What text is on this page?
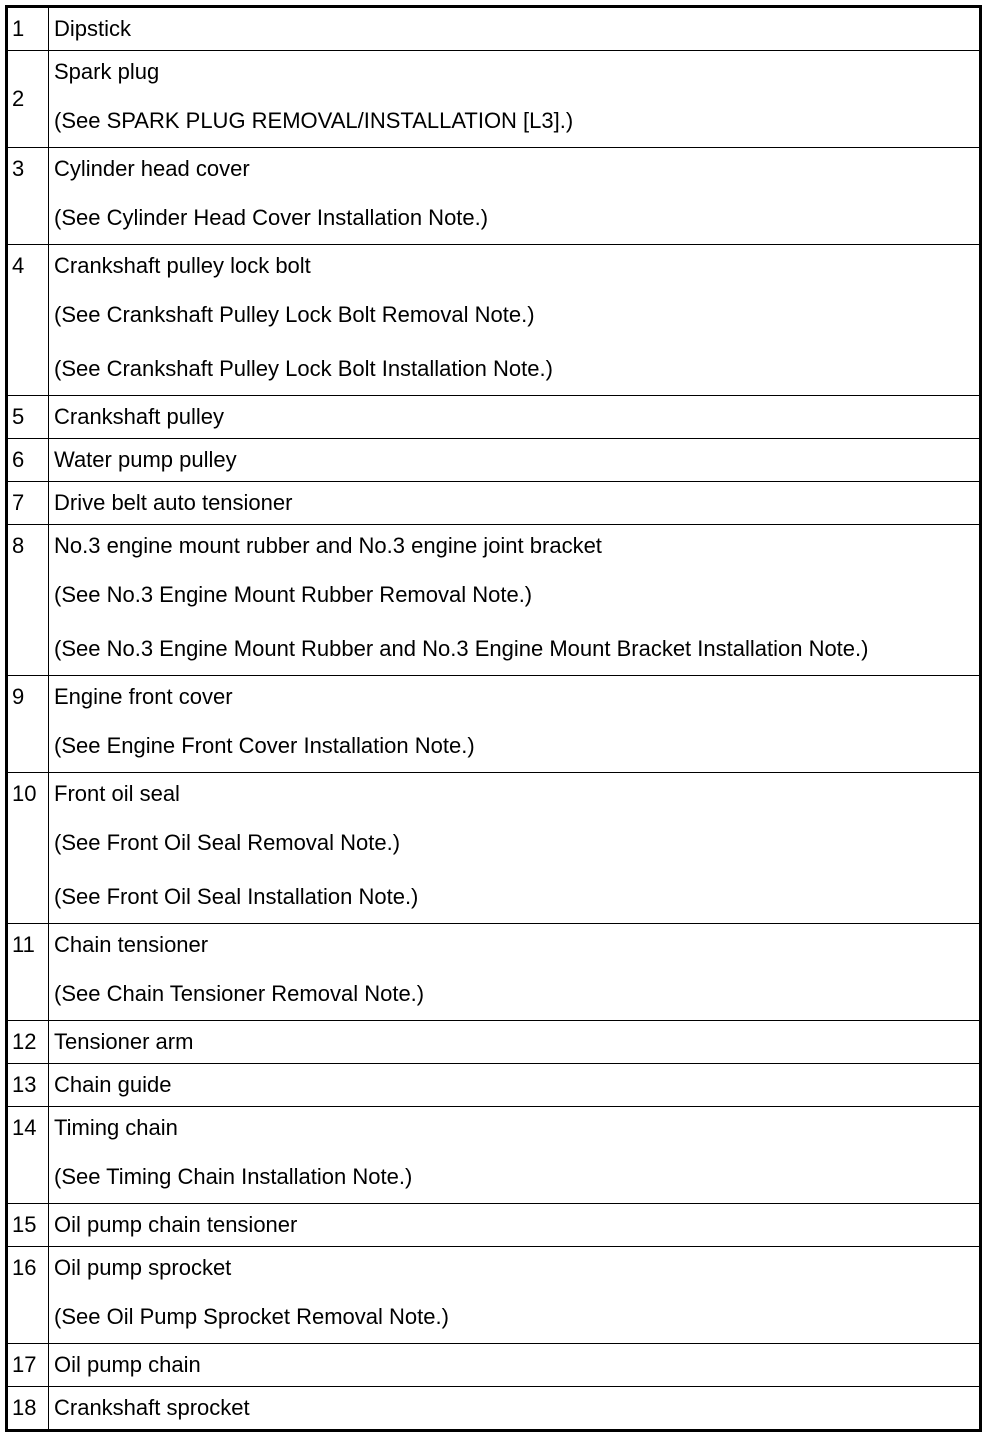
1	Dipstick

2	Spark plug
(See SPARK PLUG REMOVAL/INSTALLATION [L3].)

3	Cylinder head cover
(See Cylinder Head Cover Installation Note.)

4	Crankshaft pulley lock bolt
(See Crankshaft Pulley Lock Bolt Removal Note.)
(See Crankshaft Pulley Lock Bolt Installation Note.)

5	Crankshaft pulley

6	Water pump pulley

7	Drive belt auto tensioner

8	No.3 engine mount rubber and No.3 engine joint bracket
(See No.3 Engine Mount Rubber Removal Note.)
(See No.3 Engine Mount Rubber and No.3 Engine Mount Bracket Installation Note.)

9	Engine front cover
(See Engine Front Cover Installation Note.)

10	Front oil seal
(See Front Oil Seal Removal Note.)
(See Front Oil Seal Installation Note.)

11	Chain tensioner
(See Chain Tensioner Removal Note.)

12	Tensioner arm

13	Chain guide

14	Timing chain
(See Timing Chain Installation Note.)

15	Oil pump chain tensioner

16	Oil pump sprocket
(See Oil Pump Sprocket Removal Note.)

17	Oil pump chain

18	Crankshaft sprocket
